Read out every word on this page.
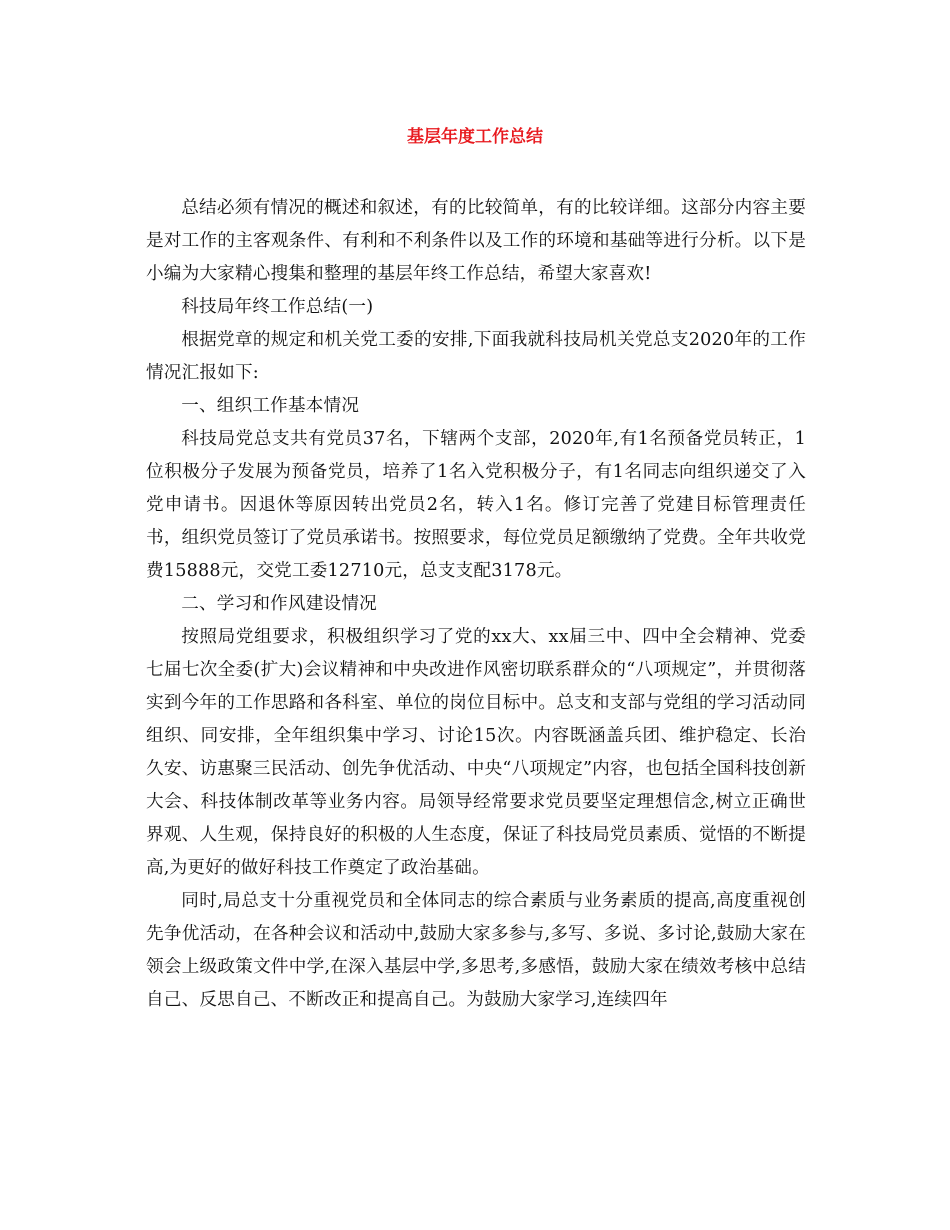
基层年度工作总结

总结必须有情况的概述和叙述，有的比较简单，有的比较详细。这部分内容主要是对工作的主客观条件、有利和不利条件以及工作的环境和基础等进行分析。以下是小编为大家精心搜集和整理的基层年终工作总结，希望大家喜欢!

科技局年终工作总结(一)

根据党章的规定和机关党工委的安排,下面我就科技局机关党总支2020年的工作情况汇报如下:

一、组织工作基本情况

科技局党总支共有党员37名，下辖两个支部，2020年,有1名预备党员转正，1位积极分子发展为预备党员，培养了1名入党积极分子，有1名同志向组织递交了入党申请书。因退休等原因转出党员2名，转入1名。修订完善了党建目标管理责任书，组织党员签订了党员承诺书。按照要求，每位党员足额缴纳了党费。全年共收党费15888元，交党工委12710元，总支支配3178元。

二、学习和作风建设情况

按照局党组要求，积极组织学习了党的xx大、xx届三中、四中全会精神、党委七届七次全委(扩大)会议精神和中央改进作风密切联系群众的“八项规定”，并贯彻落实到今年的工作思路和各科室、单位的岗位目标中。总支和支部与党组的学习活动同组织、同安排，全年组织集中学习、讨论15次。内容既涵盖兵团、维护稳定、长治久安、访惠聚三民活动、创先争优活动、中央“八项规定”内容，也包括全国科技创新大会、科技体制改革等业务内容。局领导经常要求党员要坚定理想信念,树立正确世界观、人生观，保持良好的积极的人生态度，保证了科技局党员素质、觉悟的不断提高,为更好的做好科技工作奠定了政治基础。

同时,局总支十分重视党员和全体同志的综合素质与业务素质的提高,高度重视创先争优活动，在各种会议和活动中,鼓励大家多参与,多写、多说、多讨论,鼓励大家在领会上级政策文件中学,在深入基层中学,多思考,多感悟，鼓励大家在绩效考核中总结自己、反思自己、不断改正和提高自己。为鼓励大家学习,连续四年
